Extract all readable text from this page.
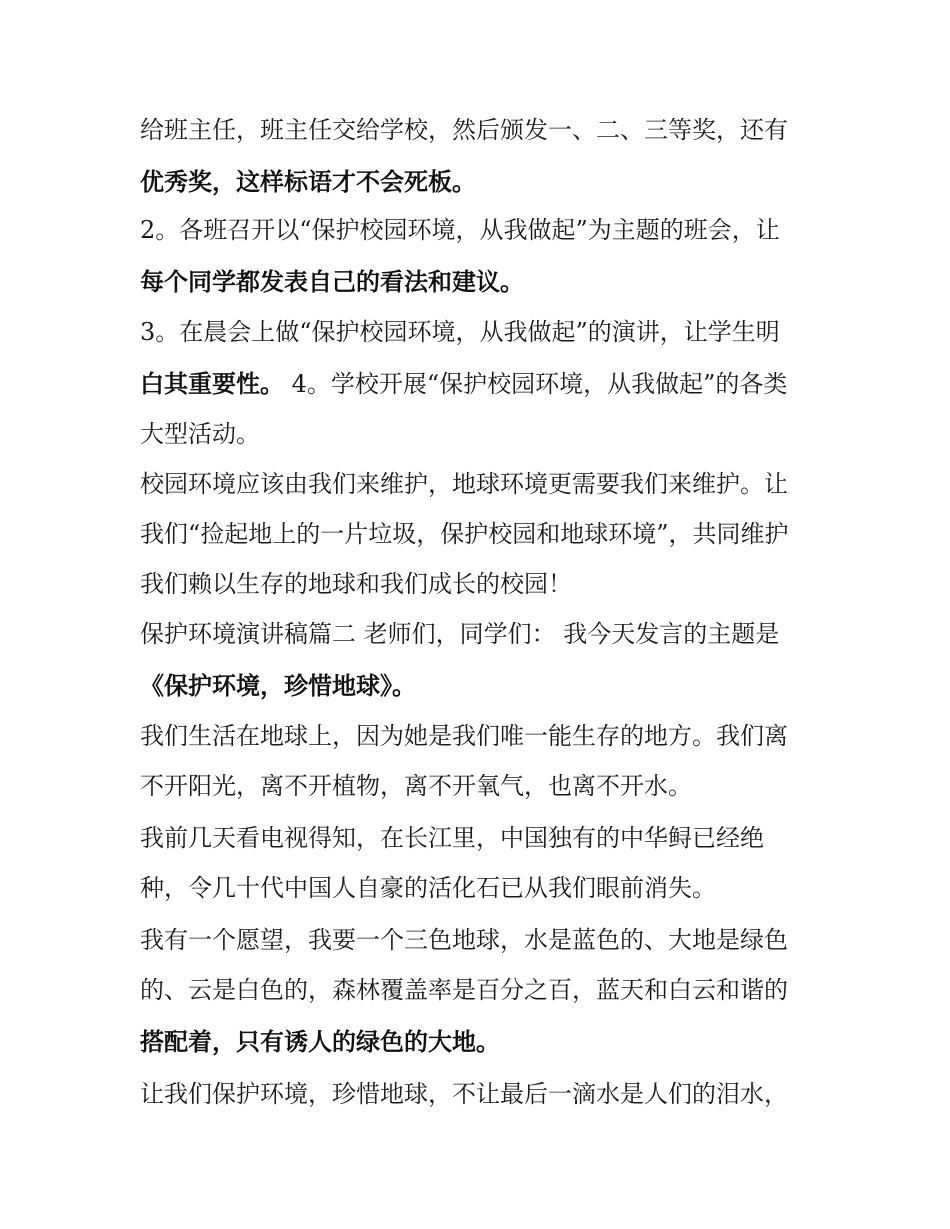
给班主任，班主任交给学校，然后颁发一、二、三等奖，还有
优秀奖，这样标语才不会死板。
2。各班召开以“保护校园环境，从我做起”为主题的班会，让
每个同学都发表自己的看法和建议。
3。在晨会上做“保护校园环境，从我做起”的演讲，让学生明
白其重要性。 4。学校开展“保护校园环境，从我做起”的各类
大型活动。
校园环境应该由我们来维护，地球环境更需要我们来维护。让
我们“捡起地上的一片垃圾，保护校园和地球环境”，共同维护
我们赖以生存的地球和我们成长的校园！
保护环境演讲稿篇二 老师们，同学们： 我今天发言的主题是
《保护环境，珍惜地球》。
我们生活在地球上，因为她是我们唯一能生存的地方。我们离
不开阳光，离不开植物，离不开氧气，也离不开水。
我前几天看电视得知，在长江里，中国独有的中华鲟已经绝
种，令几十代中国人自豪的活化石已从我们眼前消失。
我有一个愿望，我要一个三色地球，水是蓝色的、大地是绿色
的、云是白色的，森林覆盖率是百分之百，蓝天和白云和谐的
搭配着，只有诱人的绿色的大地。
让我们保护环境，珍惜地球，不让最后一滴水是人们的泪水，
